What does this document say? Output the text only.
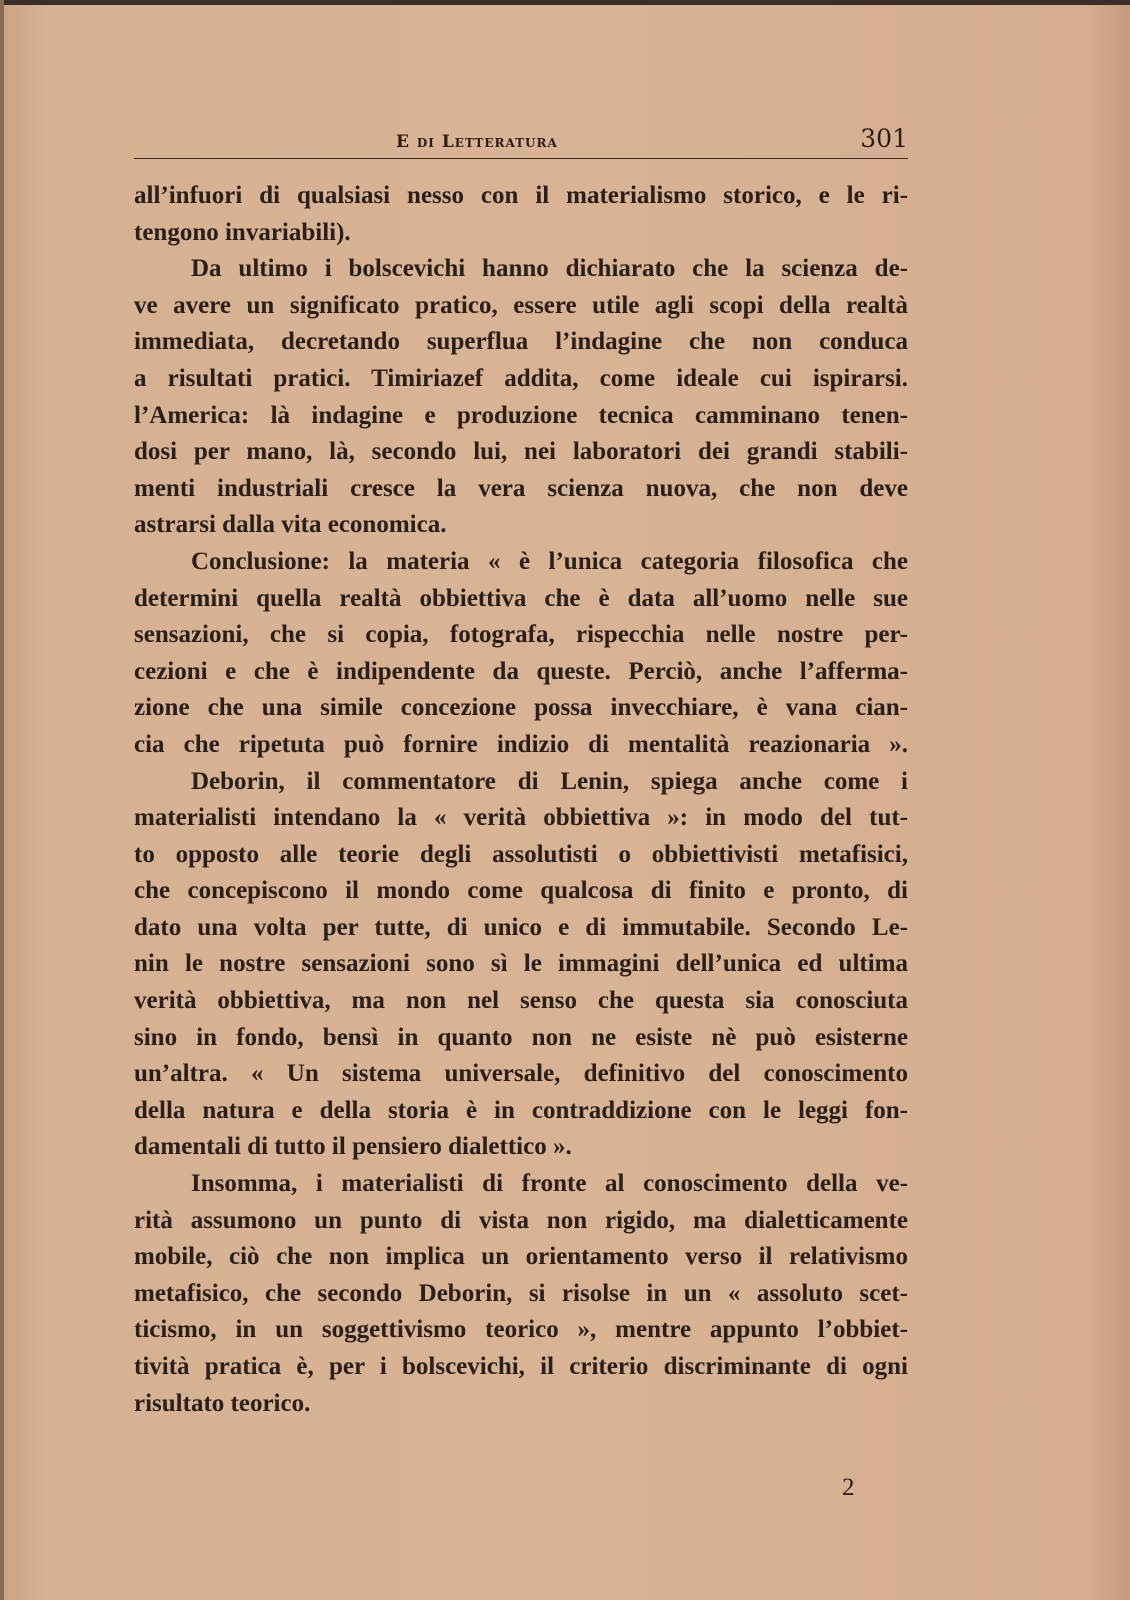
E di Letteratura	301
all’infuori di qualsiasi nesso con il materialismo storico, e le ri-
tengono invariabili).
Da ultimo i bolscevichi hanno dichiarato che la scienza de-
ve avere un significato pratico, essere utile agli scopi della realtà
immediata, decretando superflua l’indagine che non conduca
a risultati pratici. Timiriazef addita, come ideale cui ispirarsi.
l’America: là indagine e produzione tecnica camminano tenen-
dosi per mano, là, secondo lui, nei laboratori dei grandi stabili-
menti industriali cresce la vera scienza nuova, che non deve
astrarsi dalla vita economica.
Conclusione: la materia « è l’unica categoria filosofica che
determini quella realtà obbiettiva che è data all’uomo nelle sue
sensazioni, che si copia, fotografa, rispecchia nelle nostre per-
cezioni e che è indipendente da queste. Perciò, anche l’afferma-
zione che una simile concezione possa invecchiare, è vana cian-
cia che ripetuta può fornire indizio di mentalità reazionaria ».
Deborin, il commentatore di Lenin, spiega anche come i
materialisti intendano la « verità obbiettiva »: in modo del tut-
to opposto alle teorie degli assolutisti o obbiettivisti metafisici,
che concepiscono il mondo come qualcosa di finito e pronto, di
dato una volta per tutte, di unico e di immutabile. Secondo Le-
nin le nostre sensazioni sono sì le immagini dell’unica ed ultima
verità obbiettiva, ma non nel senso che questa sia conosciuta
sino in fondo, bensì in quanto non ne esiste nè può esisterne
un’altra. « Un sistema universale, definitivo del conoscimento
della natura e della storia è in contraddizione con le leggi fon-
damentali di tutto il pensiero dialettico ».
Insomma, i materialisti di fronte al conoscimento della ve-
rità assumono un punto di vista non rigido, ma dialetticamente
mobile, ciò che non implica un orientamento verso il relativismo
metafisico, che secondo Deborin, si risolse in un « assoluto scet-
ticismo, in un soggettivismo teorico », mentre appunto l’obbiet-
tività pratica è, per i bolscevichi, il criterio discriminante di ogni
risultato teorico.
2
